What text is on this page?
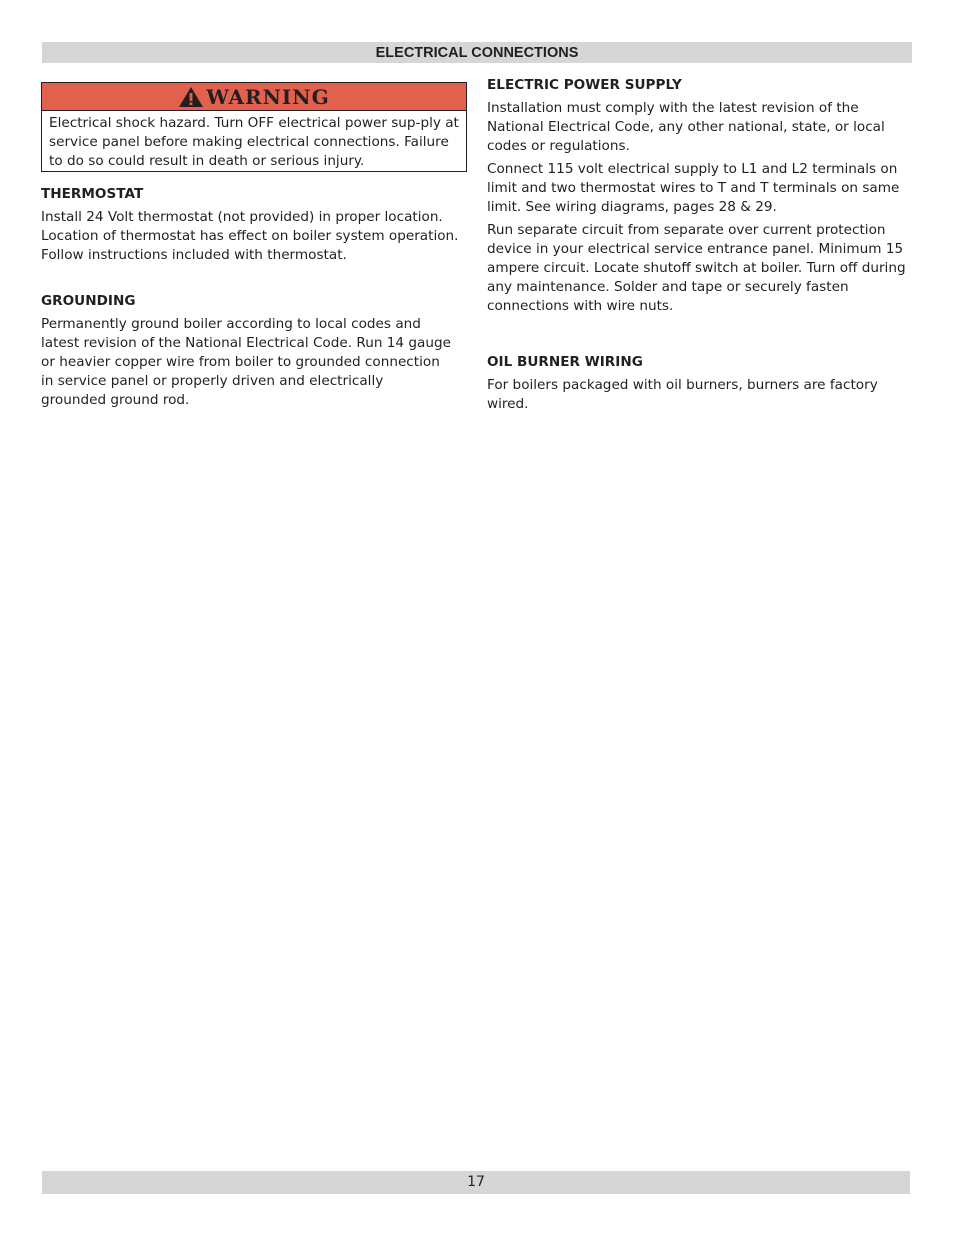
ELECTRICAL CONNECTIONS
WARNING
Electrical shock hazard. Turn OFF electrical power sup-ply at service panel before making electrical connections. Failure to do so could result in death or serious injury.
THERMOSTAT

Install 24 Volt thermostat (not provided) in proper location. Location of thermostat has effect on boiler system operation. Follow instructions included with thermostat.

GROUNDING

Permanently ground boiler according to local codes and latest revision of the National Electrical Code. Run 14 gauge or heavier copper wire from boiler to grounded connection in service panel or properly driven and electrically grounded ground rod.

ELECTRIC POWER SUPPLY

Installation must comply with the latest revision of the National Electrical Code, any other national, state, or local codes or regulations.

Connect 115 volt electrical supply to L1 and L2 terminals on limit and two thermostat wires to T and T terminals on same limit. See wiring diagrams, pages 28 & 29.

Run separate circuit from separate over current protection device in your electrical service entrance panel. Minimum 15 ampere circuit. Locate shutoff switch at boiler. Turn off during any maintenance. Solder and tape or securely fasten connections with wire nuts.

OIL BURNER WIRING

For boilers packaged with oil burners, burners are factory wired.

17
